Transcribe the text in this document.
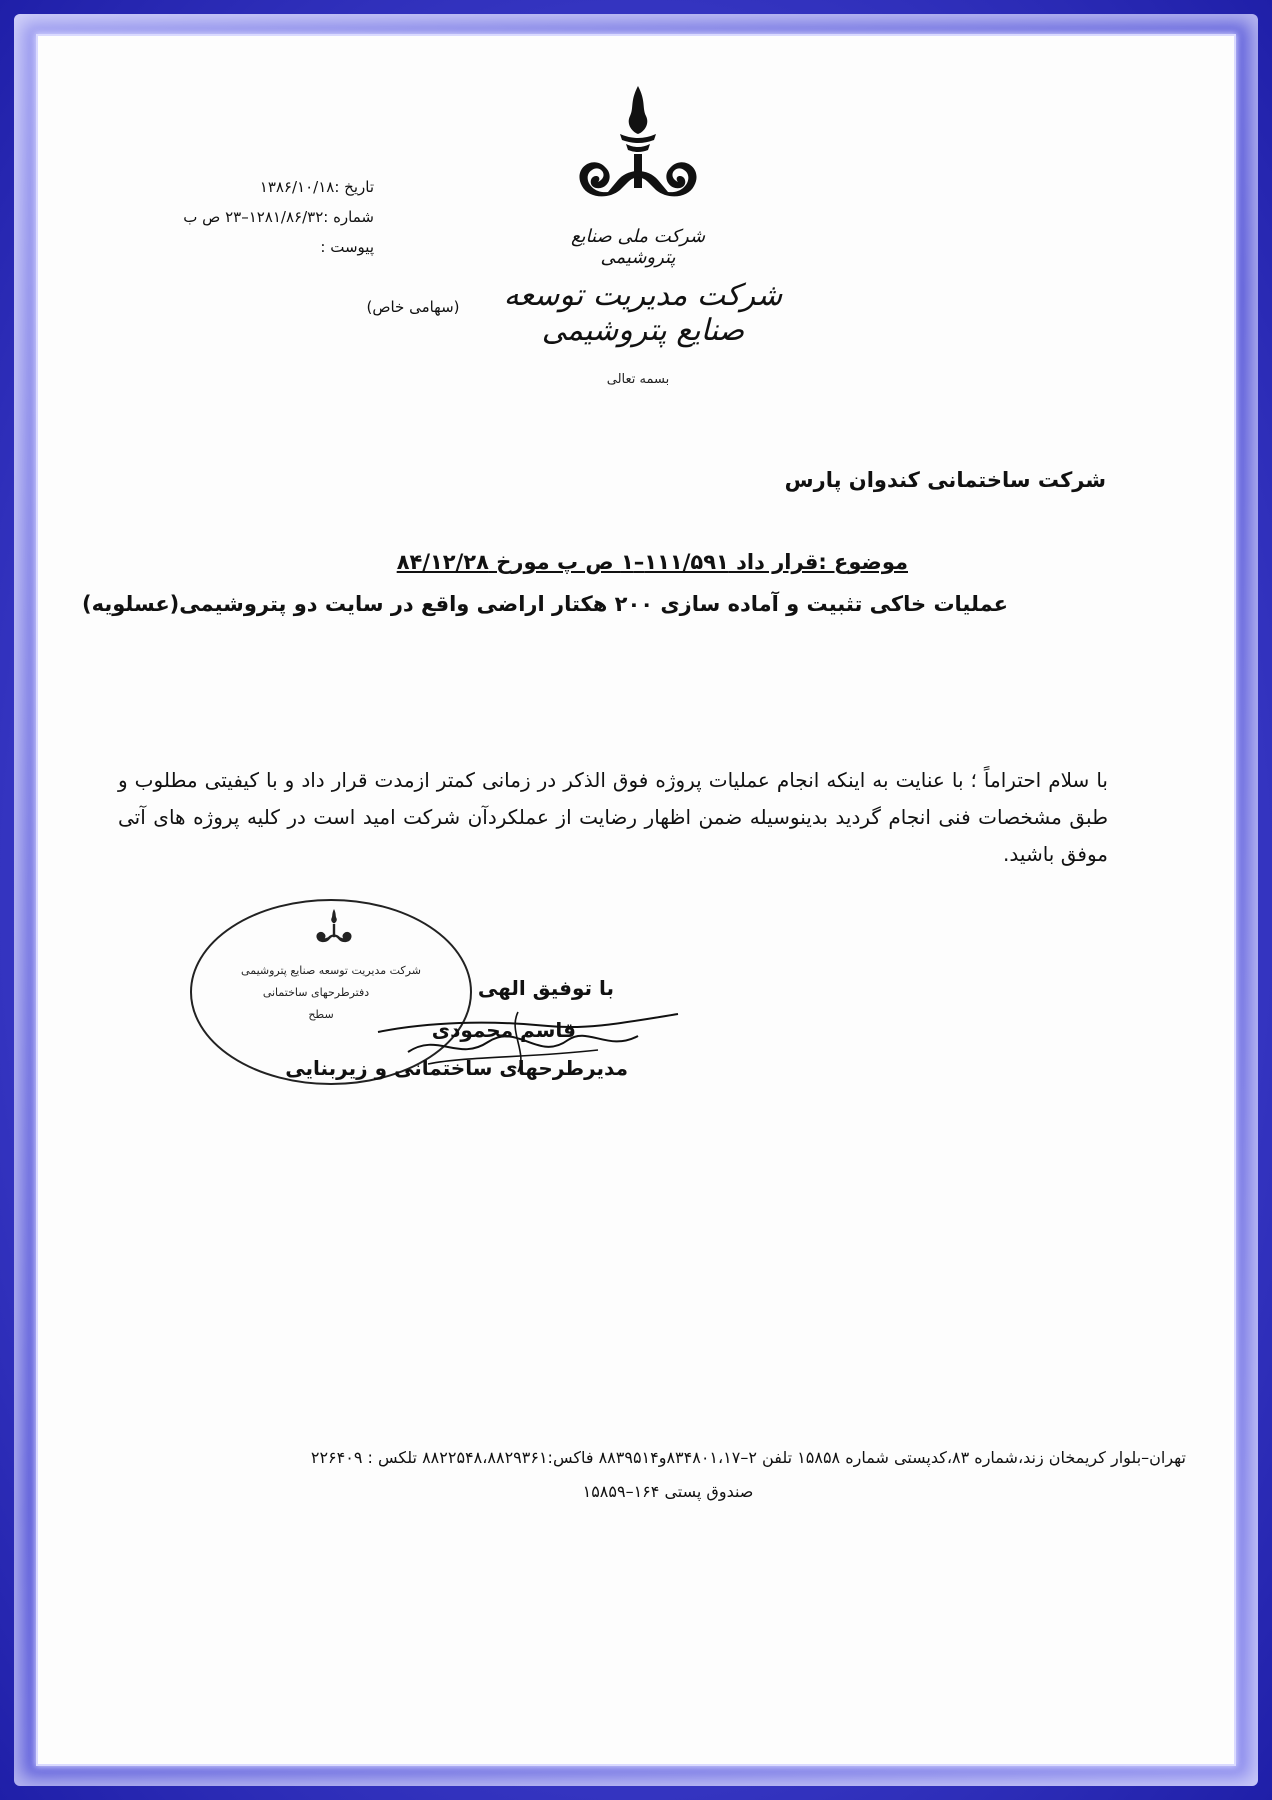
شرکت ملی صنایع پتروشیمی
تاریخ :۱۳۸۶/۱۰/۱۸
شماره :۱۲۸۱/۸۶/۳۲–۲۳ ص ب
پیوست :
شرکت مدیریت توسعه صنایع پتروشیمی
(سهامی خاص)
بسمه تعالی
شرکت ساختمانی کندوان پارس
موضوع :قرار داد ۱۱۱/۵۹۱–۱ ص پ مورخ ۸۴/۱۲/۲۸
عملیات خاکی تثبیت و آماده سازی ۲۰۰ هکتار اراضی واقع در سایت دو پتروشیمی(عسلویه)
با سلام احتراماً ؛ با عنایت به اینکه انجام عملیات پروژه فوق الذکر در زمانی کمتر ازمدت قرار داد و با کیفیتی مطلوب و طبق مشخصات فنی انجام گردید بدینوسیله ضمن اظهار رضایت از عملکردآن شرکت امید است در کلیه پروژه های آتی موفق باشید.
شرکت مدیریت توسعه صنایع پتروشیمی
دفترطرحهای ساختمانی
سطح
با توفیق الهی
قاسم محمودی
مدیرطرحهای ساختمانی و زیربنایی
تهران–بلوار کریمخان زند،شماره ۸۳،کدپستی شماره ۱۵۸۵۸ تلفن ۲–۸۳۴۸۰۱،۱۷و۸۸۳۹۵۱۴ فاکس:۸۸۲۲۵۴۸،۸۸۲۹۳۶۱ تلکس : ۲۲۶۴۰۹
صندوق پستی ۱۶۴–۱۵۸۵۹
